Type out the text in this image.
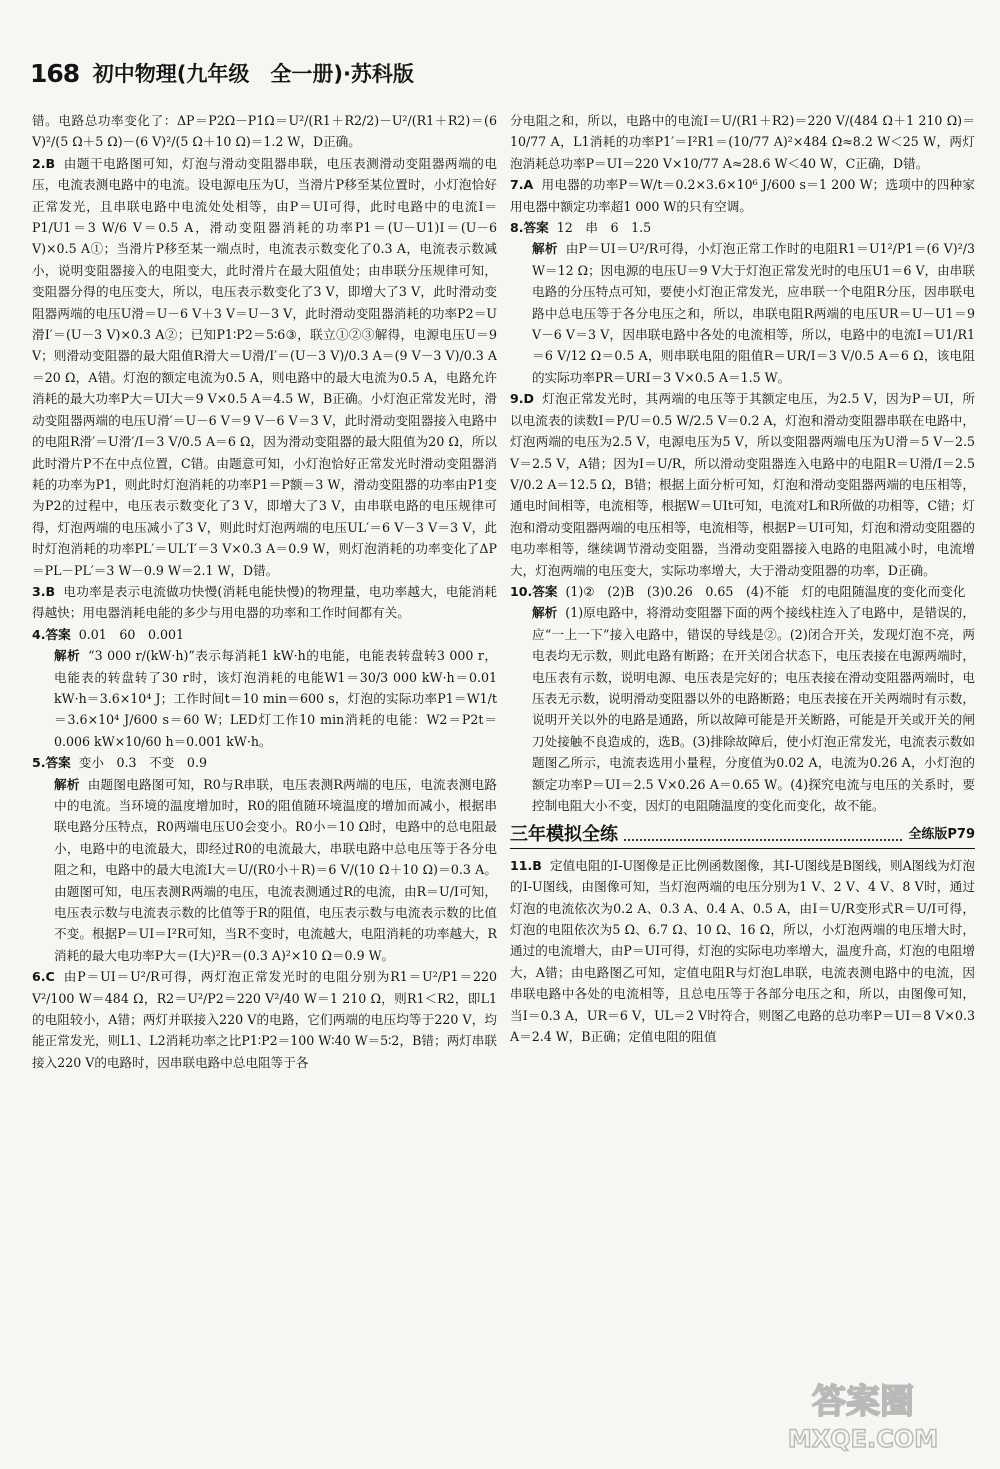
168 初中物理(九年级　全一册)·苏科版

错。电路总功率变化了：ΔP＝P2Ω－P1Ω＝U²/(R1＋R2/2)－U²/(R1＋R2)＝(6 V)²/(5 Ω＋5 Ω)－(6 V)²/(5 Ω＋10 Ω)＝1.2 W，D正确。

2.B 由题干电路图可知，灯泡与滑动变阻器串联，电压表测滑动变阻器两端的电压，电流表测电路中的电流。设电源电压为U，当滑片P移至某位置时，小灯泡恰好正常发光，且串联电路中电流处处相等，由P＝UI可得，此时电路中的电流I＝P1/U1＝3 W/6 V＝0.5 A，滑动变阻器消耗的功率P1＝(U－U1)I＝(U－6 V)×0.5 A①；当滑片P移至某一端点时，电流表示数变化了0.3 A，电流表示数减小，说明变阻器接入的电阻变大，此时滑片在最大阻值处；由串联分压规律可知，变阻器分得的电压变大，所以，电压表示数变化了3 V，即增大了3 V，此时滑动变阻器两端的电压U滑＝U－6 V＋3 V＝U－3 V，此时滑动变阻器消耗的功率P2＝U滑I′＝(U－3 V)×0.3 A②；已知P1∶P2＝5∶6③，联立①②③解得，电源电压U＝9 V；则滑动变阻器的最大阻值R滑大＝U滑/I′＝(U－3 V)/0.3 A＝(9 V－3 V)/0.3 A＝20 Ω，A错。灯泡的额定电流为0.5 A，则电路中的最大电流为0.5 A，电路允许消耗的最大功率P大＝UI大＝9 V×0.5 A＝4.5 W，B正确。小灯泡正常发光时，滑动变阻器两端的电压U滑′＝U－6 V＝9 V－6 V＝3 V，此时滑动变阻器接入电路中的电阻R滑′＝U滑′/I＝3 V/0.5 A＝6 Ω，因为滑动变阻器的最大阻值为20 Ω，所以此时滑片P不在中点位置，C错。由题意可知，小灯泡恰好正常发光时滑动变阻器消耗的功率为P1，则此时灯泡消耗的功率P1＝P额＝3 W，滑动变阻器的功率由P1变为P2的过程中，电压表示数变化了3 V，即增大了3 V，由串联电路的电压规律可得，灯泡两端的电压减小了3 V，则此时灯泡两端的电压UL′＝6 V－3 V＝3 V，此时灯泡消耗的功率PL′＝UL′I′＝3 V×0.3 A＝0.9 W，则灯泡消耗的功率变化了ΔP＝PL－PL′＝3 W－0.9 W＝2.1 W，D错。

3.B 电功率是表示电流做功快慢(消耗电能快慢)的物理量，电功率越大，电能消耗得越快；用电器消耗电能的多少与用电器的功率和工作时间都有关。

4.答案 0.01　60　0.001
解析 “3 000 r/(kW·h)”表示每消耗1 kW·h的电能，电能表转盘转3 000 r，电能表的转盘转了30 r时，该灯泡消耗的电能W1＝30/3 000 kW·h＝0.01 kW·h＝3.6×10⁴ J；工作时间t＝10 min＝600 s，灯泡的实际功率P1＝W1/t＝3.6×10⁴ J/600 s＝60 W；LED灯工作10 min消耗的电能：W2＝P2t＝0.006 kW×10/60 h＝0.001 kW·h。

5.答案 变小　0.3　不变　0.9
解析 由题图电路图可知，R0与R串联，电压表测R两端的电压，电流表测电路中的电流。当环境的温度增加时，R0的阻值随环境温度的增加而减小，根据串联电路分压特点，R0两端电压U0会变小。R0小＝10 Ω时，电路中的总电阻最小，电路中的电流最大，即经过R0的电流最大，串联电路中总电压等于各分电阻之和，电路中的最大电流I大＝U/(R0小＋R)＝6 V/(10 Ω＋10 Ω)＝0.3 A。由题图可知，电压表测R两端的电压，电流表测通过R的电流，由R＝U/I可知，电压表示数与电流表示数的比值等于R的阻值，电压表示数与电流表示数的比值不变。根据P＝UI＝I²R可知，当R不变时，电流越大，电阻消耗的功率越大，R消耗的最大电功率P大＝(I大)²R＝(0.3 A)²×10 Ω＝0.9 W。

6.C 由P＝UI＝U²/R可得，两灯泡正常发光时的电阻分别为R1＝U²/P1＝220 V²/100 W＝484 Ω，R2＝U²/P2＝220 V²/40 W＝1 210 Ω，则R1＜R2，即L1的电阻较小，A错；两灯并联接入220 V的电路，它们两端的电压均等于220 V，均能正常发光，则L1、L2消耗功率之比P1∶P2＝100 W∶40 W＝5∶2，B错；两灯串联接入220 V的电路时，因串联电路中总电阻等于各

分电阻之和，所以，电路中的电流I＝U/(R1＋R2)＝220 V/(484 Ω＋1 210 Ω)＝10/77 A，L1消耗的功率P1′＝I²R1＝(10/77 A)²×484 Ω≈8.2 W＜25 W，两灯泡消耗总功率P＝UI＝220 V×10/77 A≈28.6 W＜40 W，C正确，D错。

7.A 用电器的功率P＝W/t＝0.2×3.6×10⁶ J/600 s＝1 200 W；选项中的四种家用电器中额定功率超1 000 W的只有空调。

8.答案 12　串　6　1.5
解析 由P＝UI＝U²/R可得，小灯泡正常工作时的电阻R1＝U1²/P1＝(6 V)²/3 W＝12 Ω；因电源的电压U＝9 V大于灯泡正常发光时的电压U1＝6 V，由串联电路的分压特点可知，要使小灯泡正常发光，应串联一个电阻R分压，因串联电路中总电压等于各分电压之和，所以，串联电阻R两端的电压UR＝U－U1＝9 V－6 V＝3 V，因串联电路中各处的电流相等，所以，电路中的电流I＝U1/R1＝6 V/12 Ω＝0.5 A，则串联电阻的阻值R＝UR/I＝3 V/0.5 A＝6 Ω，该电阻的实际功率PR＝URI＝3 V×0.5 A＝1.5 W。

9.D 灯泡正常发光时，其两端的电压等于其额定电压，为2.5 V，因为P＝UI，所以电流表的读数I＝P/U＝0.5 W/2.5 V＝0.2 A，灯泡和滑动变阻器串联在电路中，灯泡两端的电压为2.5 V，电源电压为5 V，所以变阻器两端电压为U滑＝5 V－2.5 V＝2.5 V，A错；因为I＝U/R，所以滑动变阻器连入电路中的电阻R＝U滑/I＝2.5 V/0.2 A＝12.5 Ω，B错；根据上面分析可知，灯泡和滑动变阻器两端的电压相等，通电时间相等，电流相等，根据W＝UIt可知，电流对L和R所做的功相等，C错；灯泡和滑动变阻器两端的电压相等，电流相等，根据P＝UI可知，灯泡和滑动变阻器的电功率相等，继续调节滑动变阻器，当滑动变阻器接入电路的电阻减小时，电流增大，灯泡两端的电压变大，实际功率增大，大于滑动变阻器的功率，D正确。

10.答案 (1)②　(2)B　(3)0.26　0.65　(4)不能　灯的电阻随温度的变化而变化
解析 (1)原电路中，将滑动变阻器下面的两个接线柱连入了电路中，是错误的，应“一上一下”接入电路中，错误的导线是②。(2)闭合开关，发现灯泡不亮，两电表均无示数，则此电路有断路；在开关闭合状态下，电压表接在电源两端时，电压表有示数，说明电源、电压表是完好的；电压表接在滑动变阻器两端时，电压表无示数，说明滑动变阻器以外的电路断路；电压表接在开关两端时有示数，说明开关以外的电路是通路，所以故障可能是开关断路，可能是开关或开关的闸刀处接触不良造成的，选B。(3)排除故障后，使小灯泡正常发光，电流表示数如题图乙所示，电流表选用小量程，分度值为0.02 A，电流为0.26 A，小灯泡的额定功率P＝UI＝2.5 V×0.26 A＝0.65 W。(4)探究电流与电压的关系时，要控制电阻大小不变，因灯的电阻随温度的变化而变化，故不能。

三年模拟全练	全练版P79

11.B 定值电阻的I-U图像是正比例函数图像，其I-U图线是B图线，则A图线为灯泡的I-U图线，由图像可知，当灯泡两端的电压分别为1 V、2 V、4 V、8 V时，通过灯泡的电流依次为0.2 A、0.3 A、0.4 A、0.5 A，由I＝U/R变形式R＝U/I可得，灯泡的电阻依次为5 Ω、6.7 Ω、10 Ω、16 Ω，所以，小灯泡两端的电压增大时，通过的电流增大，由P＝UI可得，灯泡的实际电功率增大，温度升高，灯泡的电阻增大，A错；由电路图乙可知，定值电阻R与灯泡L串联，电流表测电路中的电流，因串联电路中各处的电流相等，且总电压等于各部分电压之和，所以，由图像可知，当I＝0.3 A，UR＝6 V，UL＝2 V时符合，则图乙电路的总功率P＝UI＝8 V×0.3 A＝2.4 W，B正确；定值电阻的阻值

答案圈
MXQE.COM
